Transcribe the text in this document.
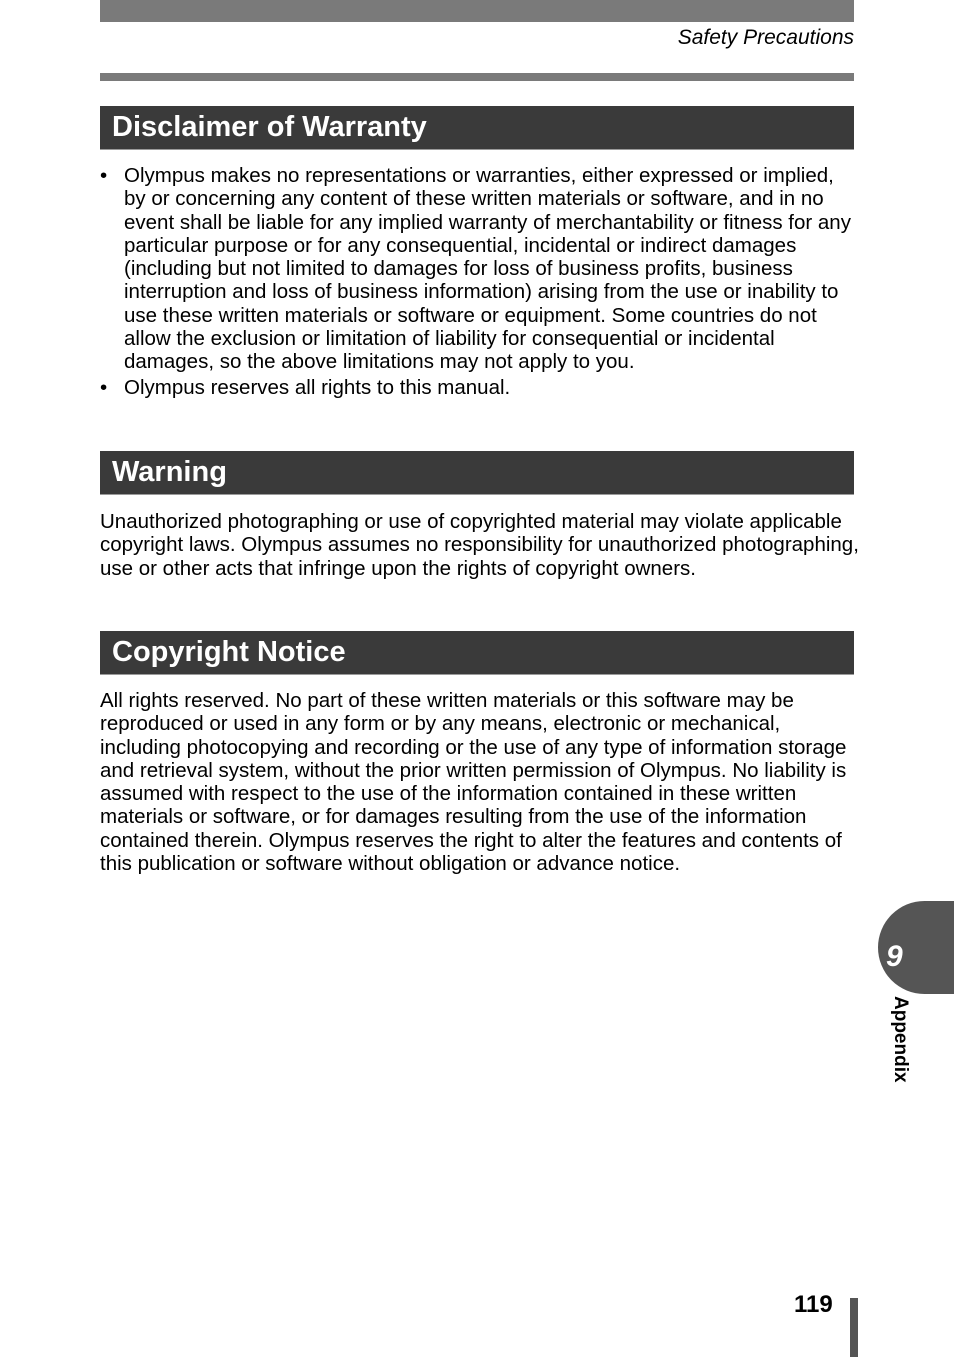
Safety Precautions
Disclaimer of Warranty
• Olympus makes no representations or warranties, either expressed or implied, by or concerning any content of these written materials or software, and in no event shall be liable for any implied warranty of merchantability or fitness for any particular purpose or for any consequential, incidental or indirect damages (including but not limited to damages for loss of business profits, business interruption and loss of business information) arising from the use or inability to use these written materials or software or equipment. Some countries do not allow the exclusion or limitation of liability for consequential or incidental damages, so the above limitations may not apply to you.
• Olympus reserves all rights to this manual.
Warning

Unauthorized photographing or use of copyrighted material may violate applicable copyright laws. Olympus assumes no responsibility for unauthorized photographing, use or other acts that infringe upon the rights of copyright owners.

Copyright Notice

All rights reserved. No part of these written materials or this software may be reproduced or used in any form or by any means, electronic or mechanical, including photocopying and recording or the use of any type of information storage and retrieval system, without the prior written permission of Olympus. No liability is assumed with respect to the use of the information contained in these written materials or software, or for damages resulting from the use of the information contained therein. Olympus reserves the right to alter the features and contents of this publication or software without obligation or advance notice.

9
Appendix
119
